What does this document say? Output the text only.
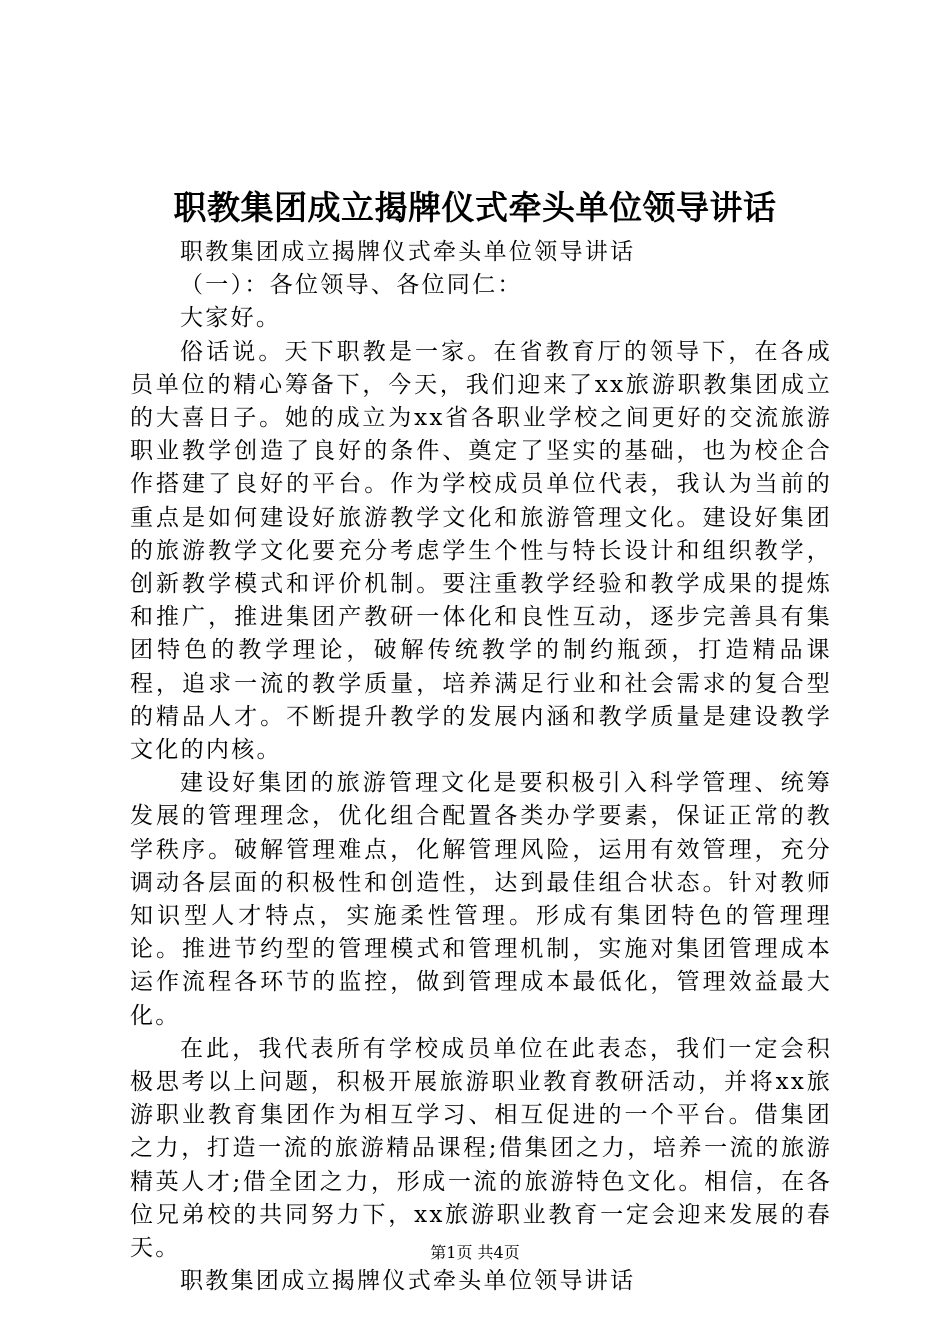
职教集团成立揭牌仪式牵头单位领导讲话

职教集团成立揭牌仪式牵头单位领导讲话

（一）：各位领导、各位同仁：

大家好。

俗话说。天下职教是一家。在省教育厅的领导下，在各成员单位的精心筹备下，今天，我们迎来了xx旅游职教集团成立的大喜日子。她的成立为xx省各职业学校之间更好的交流旅游职业教学创造了良好的条件、奠定了坚实的基础，也为校企合作搭建了良好的平台。作为学校成员单位代表，我认为当前的重点是如何建设好旅游教学文化和旅游管理文化。建设好集团的旅游教学文化要充分考虑学生个性与特长设计和组织教学，创新教学模式和评价机制。要注重教学经验和教学成果的提炼和推广，推进集团产教研一体化和良性互动，逐步完善具有集团特色的教学理论，破解传统教学的制约瓶颈，打造精品课程，追求一流的教学质量，培养满足行业和社会需求的复合型的精品人才。不断提升教学的发展内涵和教学质量是建设教学文化的内核。

建设好集团的旅游管理文化是要积极引入科学管理、统筹发展的管理理念，优化组合配置各类办学要素，保证正常的教学秩序。破解管理难点，化解管理风险，运用有效管理，充分调动各层面的积极性和创造性，达到最佳组合状态。针对教师知识型人才特点，实施柔性管理。形成有集团特色的管理理论。推进节约型的管理模式和管理机制，实施对集团管理成本运作流程各环节的监控，做到管理成本最低化，管理效益最大化。

在此，我代表所有学校成员单位在此表态，我们一定会积极思考以上问题，积极开展旅游职业教育教研活动，并将xx旅游职业教育集团作为相互学习、相互促进的一个平台。借集团之力，打造一流的旅游精品课程;借集团之力，培养一流的旅游精英人才;借全团之力，形成一流的旅游特色文化。相信，在各位兄弟校的共同努力下，xx旅游职业教育一定会迎来发展的春天。

职教集团成立揭牌仪式牵头单位领导讲话

第1页 共4页
